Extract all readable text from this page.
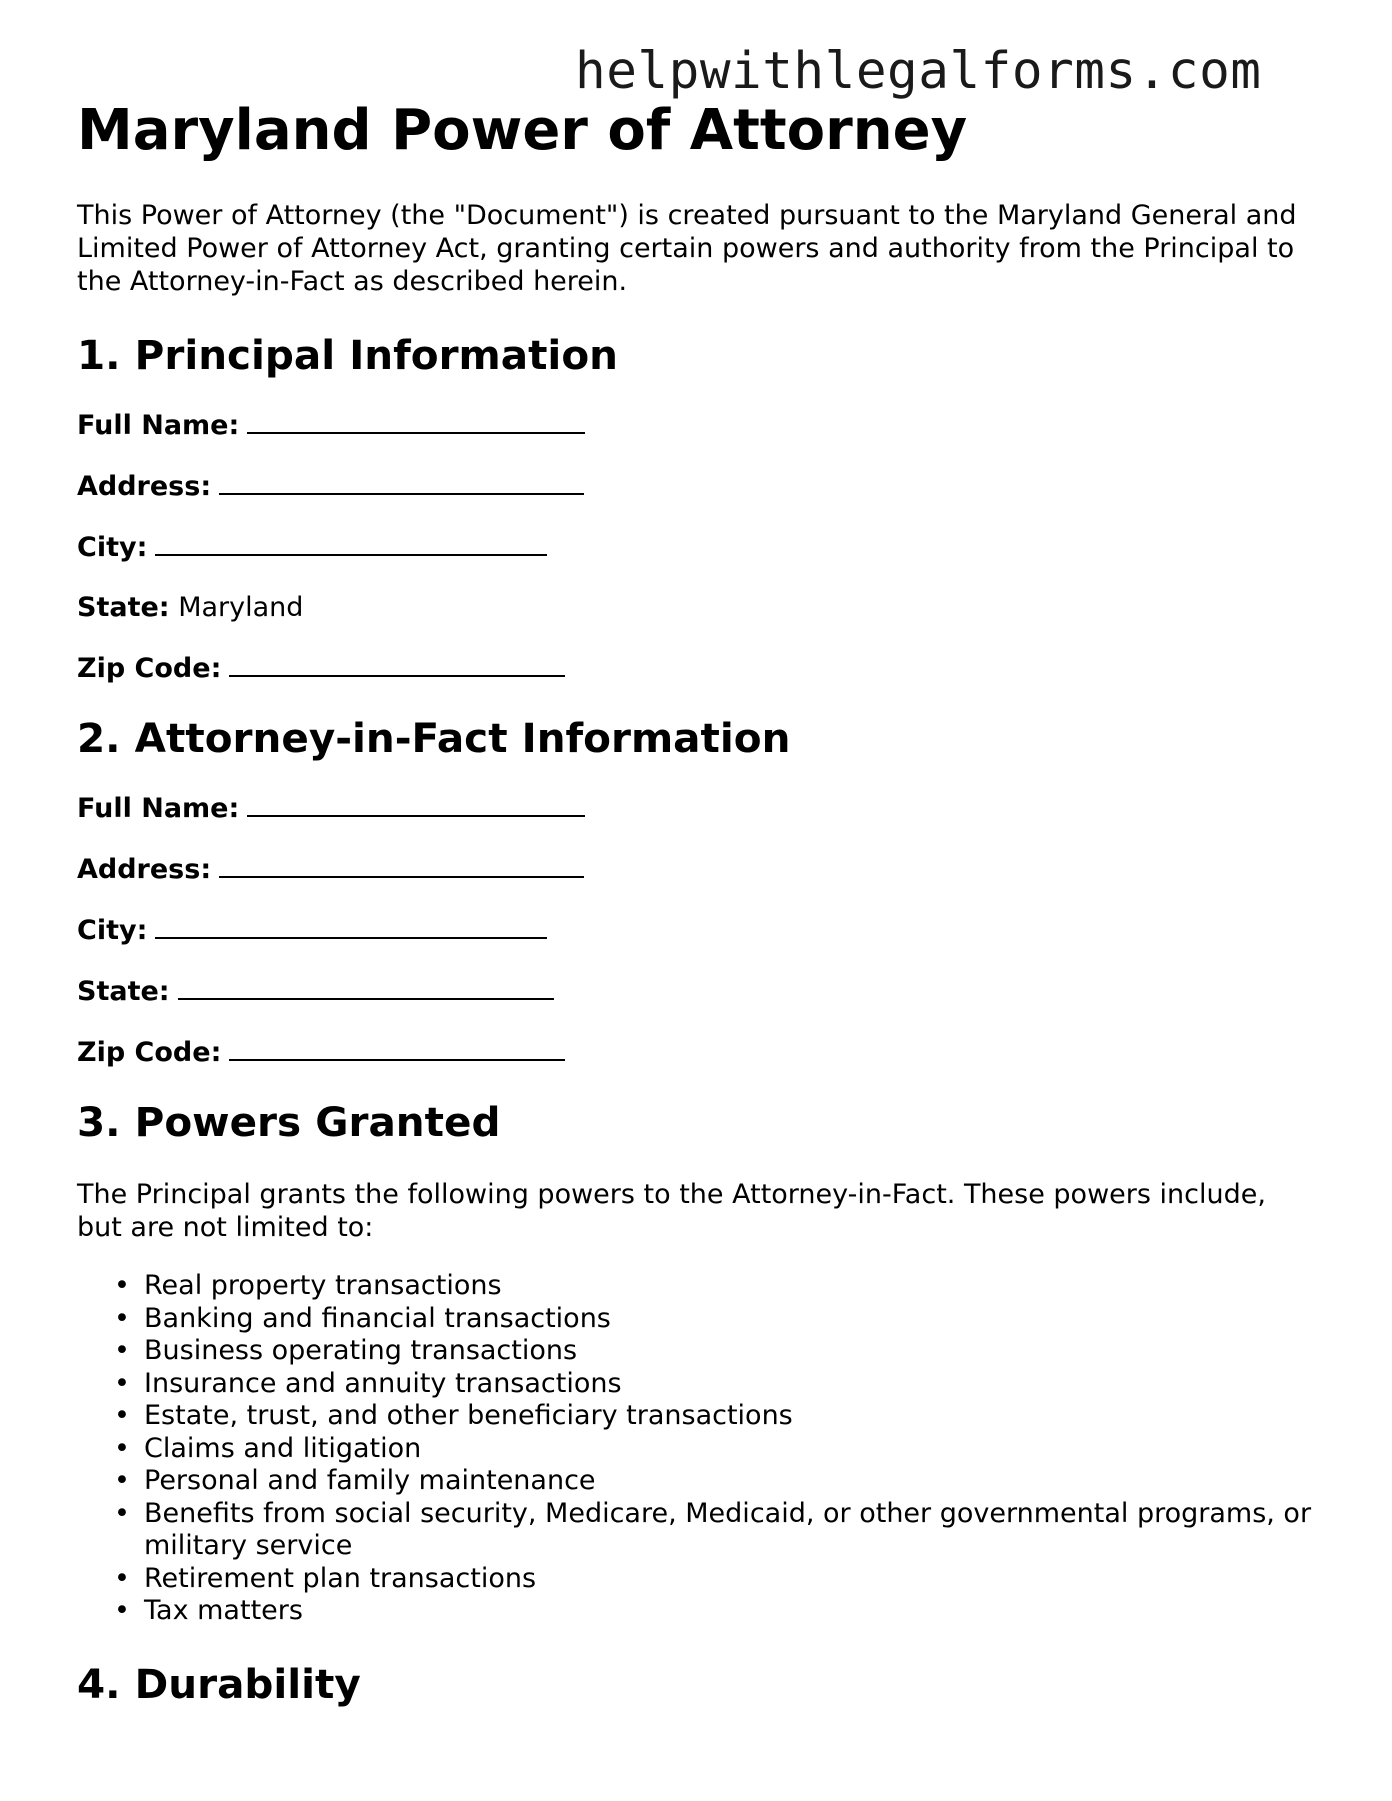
helpwithlegalforms.com
Maryland Power of Attorney

This Power of Attorney (the "Document") is created pursuant to the Maryland General and Limited Power of Attorney Act, granting certain powers and authority from the Principal to the Attorney-in-Fact as described herein.

1. Principal Information
Full Name:
Address:
City:
State: Maryland
Zip Code:
2. Attorney-in-Fact Information
Full Name:
Address:
City:
State:
Zip Code:
3. Powers Granted

The Principal grants the following powers to the Attorney-in-Fact. These powers include, but are not limited to:

• Real property transactions
• Banking and financial transactions
• Business operating transactions
• Insurance and annuity transactions
• Estate, trust, and other beneficiary transactions
• Claims and litigation
• Personal and family maintenance
• Benefits from social security, Medicare, Medicaid, or other governmental programs, or military service
• Retirement plan transactions
• Tax matters
4. Durability
